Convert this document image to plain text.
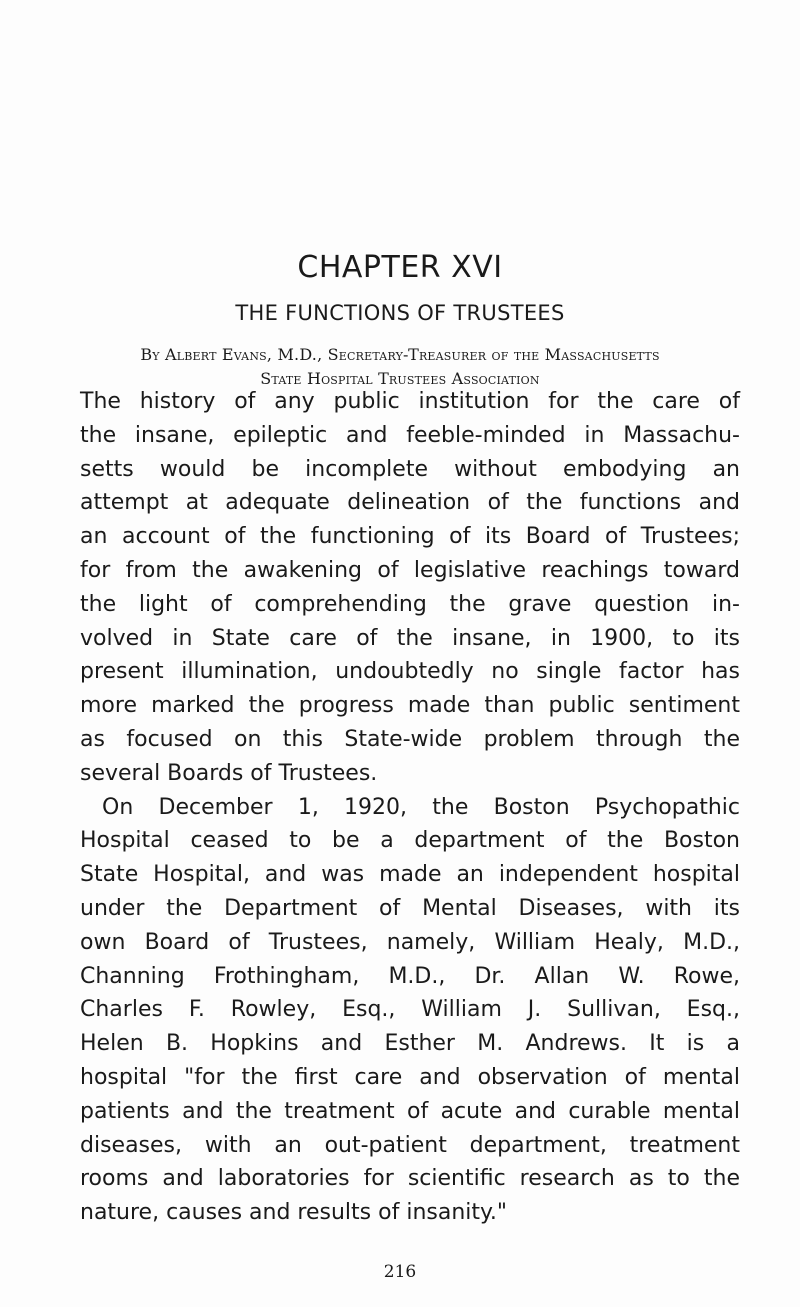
CHAPTER XVI
THE FUNCTIONS OF TRUSTEES
By Albert Evans, M.D., Secretary-Treasurer of the Massachusetts
State Hospital Trustees Association

The history of any public institution for the care of
the insane, epileptic and feeble-minded in Massachu-
setts would be incomplete without embodying an
attempt at adequate delineation of the functions and
an account of the functioning of its Board of Trustees;
for from the awakening of legislative reachings toward
the light of comprehending the grave question in-
volved in State care of the insane, in 1900, to its
present illumination, undoubtedly no single factor has
more marked the progress made than public sentiment
as focused on this State-wide problem through the
several Boards of Trustees.

On December 1, 1920, the Boston Psychopathic
Hospital ceased to be a department of the Boston
State Hospital, and was made an independent hospital
under the Department of Mental Diseases, with its
own Board of Trustees, namely, William Healy, M.D.,
Channing Frothingham, M.D., Dr. Allan W. Rowe,
Charles F. Rowley, Esq., William J. Sullivan, Esq.,
Helen B. Hopkins and Esther M. Andrews. It is a
hospital "for the first care and observation of mental
patients and the treatment of acute and curable mental
diseases, with an out-patient department, treatment
rooms and laboratories for scientific research as to the
nature, causes and results of insanity."

216
